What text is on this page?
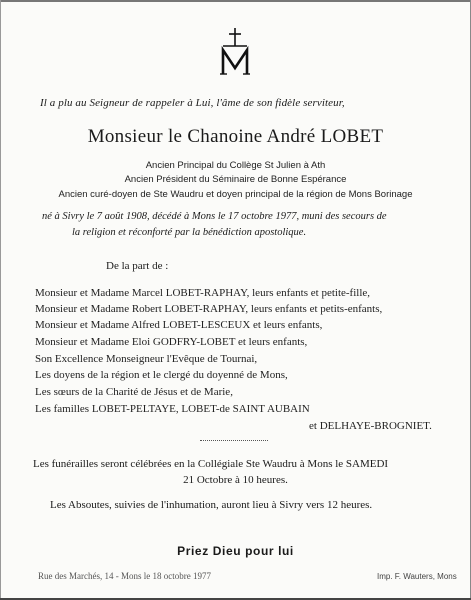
Il a plu au Seigneur de rappeler à Lui, l'âme de son fidèle serviteur,
Monsieur le Chanoine André LOBET
Ancien Principal du Collège St Julien à Ath
Ancien Président du Séminaire de Bonne Espérance
Ancien curé-doyen de Ste Waudru et doyen principal de la région de Mons Borinage
né à Sivry le 7 août 1908, décédé à Mons le 17 octobre 1977, muni des secours de
la religion et réconforté par la bénédiction apostolique.
De la part de :
Monsieur et Madame Marcel LOBET-RAPHAY, leurs enfants et petite-fille,
Monsieur et Madame Robert LOBET-RAPHAY, leurs enfants et petits-enfants,
Monsieur et Madame Alfred LOBET-LESCEUX et leurs enfants,
Monsieur et Madame Eloi GODFRY-LOBET et leurs enfants,
Son Excellence Monseigneur l'Evêque de Tournai,
Les doyens de la région et le clergé du doyenné de Mons,
Les sœurs de la Charité de Jésus et de Marie,
Les familles LOBET-PELTAYE, LOBET-de SAINT AUBAIN
et DELHAYE-BROGNIET.
Les funérailles seront célébrées en la Collégiale Ste Waudru à Mons le SAMEDI
21 Octobre à 10 heures.
Les Absoutes, suivies de l'inhumation, auront lieu à Sivry vers 12 heures.
Priez Dieu pour lui
Rue des Marchés, 14 - Mons le 18 octobre 1977	Imp. F. Wauters, Mons
